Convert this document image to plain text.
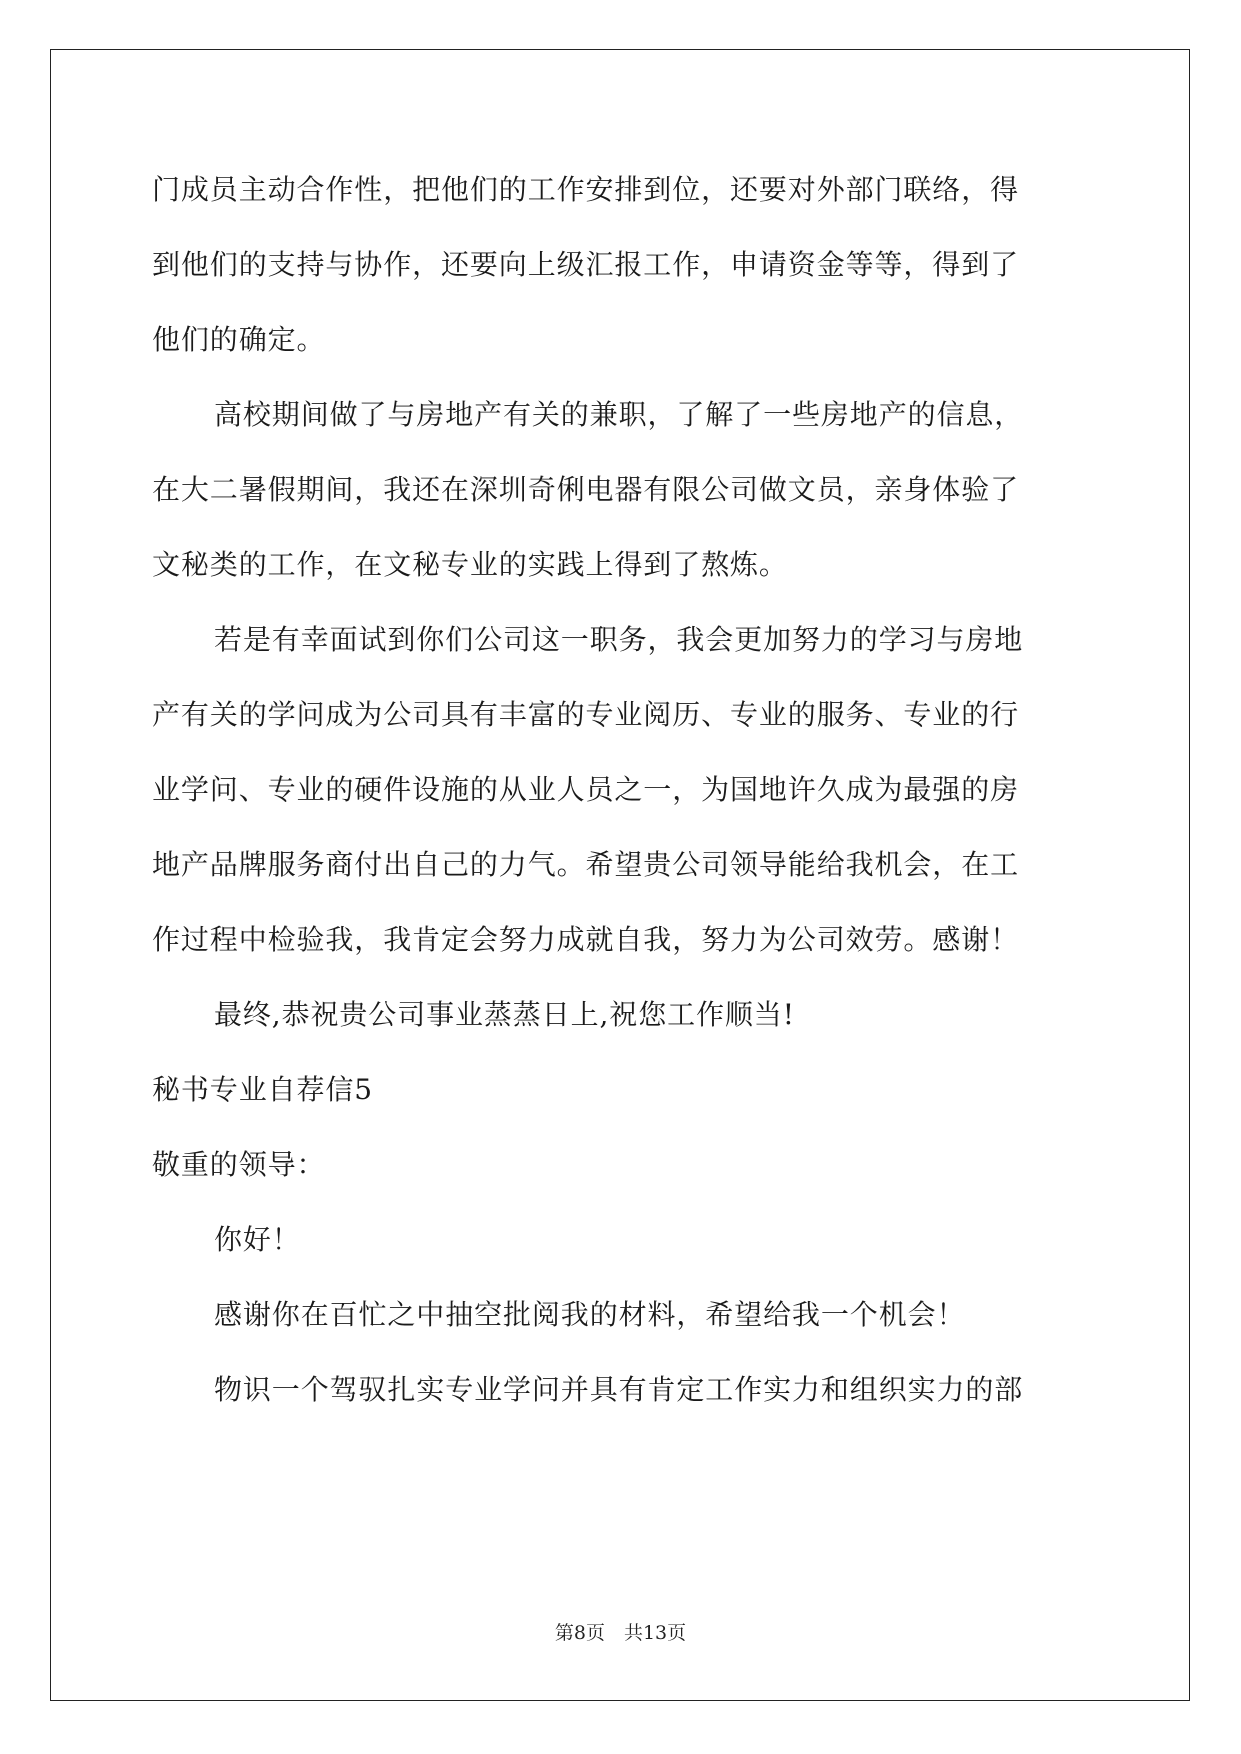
门成员主动合作性，把他们的工作安排到位，还要对外部门联络，得
到他们的支持与协作，还要向上级汇报工作，申请资金等等，得到了
他们的确定。
高校期间做了与房地产有关的兼职，了解了一些房地产的信息，
在大二暑假期间，我还在深圳奇俐电器有限公司做文员，亲身体验了
文秘类的工作，在文秘专业的实践上得到了熬炼。
若是有幸面试到你们公司这一职务，我会更加努力的学习与房地
产有关的学问成为公司具有丰富的专业阅历、专业的服务、专业的行
业学问、专业的硬件设施的从业人员之一，为国地许久成为最强的房
地产品牌服务商付出自己的力气。希望贵公司领导能给我机会，在工
作过程中检验我，我肯定会努力成就自我，努力为公司效劳。感谢！
最终,恭祝贵公司事业蒸蒸日上,祝您工作顺当!
秘书专业自荐信5
敬重的领导：
你好！
感谢你在百忙之中抽空批阅我的材料，希望给我一个机会！
物识一个驾驭扎实专业学问并具有肯定工作实力和组织实力的部
第8页　共13页
